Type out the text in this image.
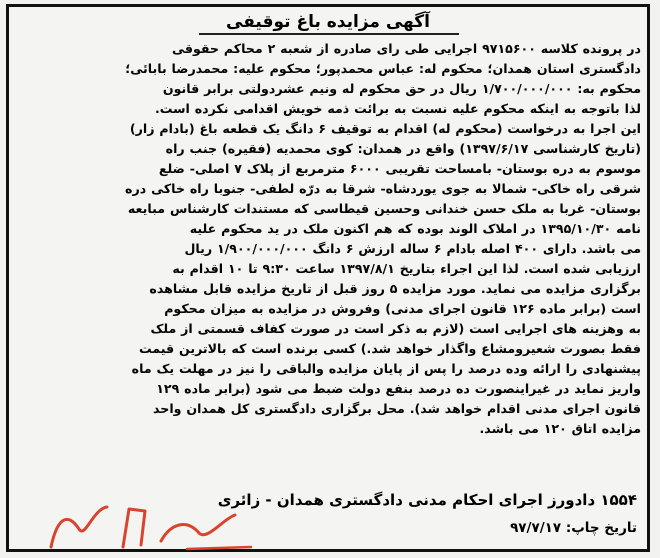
آگهی مزایده باغ توقیفی
در پرونده کلاسه ۹۷۱۵۶۰۰ اجرایی طی رای صادره از شعبه ۲ محاکم حقوقی
دادگستری استان همدان؛ محکوم له: عباس محمدپور؛ محکوم علیه: محمدرضا بابائی؛
محکوم به: ۱/۷۰۰/۰۰۰/۰۰۰ ریال در حق محکوم له ونیم عشردولتی برابر قانون
لذا باتوجه به اینکه محکوم علیه نسبت به برائت ذمه خویش اقدامی نکرده است.
این اجرا به درخواست (محکوم له) اقدام به توقیف ۶ دانگ یک قطعه باغ (بادام زار)
(تاریخ کارشناسی ۱۳۹۷/۶/۱۷) واقع در همدان: کوی محمدیه (فقیره) جنب راه
موسوم به دره بوستان- بامساحت تقریبی ۶۰۰۰ مترمربع از پلاک ۷ اصلی- ضلع
شرقی راه خاکی- شمالا به جوی یوردشاه- شرقا به درّه لطفی- جنوبا راه خاکی دره
بوستان- غربا به ملک حسن خندانی وحسین قیطاسی که مستندات کارشناس مبایعه
نامه ۱۳۹۵/۱۰/۳۰ در املاک الوند بوده که هم اکنون ملک در ید محکوم علیه
می باشد. دارای ۴۰۰ اصله بادام ۶ ساله ارزش ۶ دانگ ۱/۹۰۰/۰۰۰/۰۰۰ ریال
ارزیابی شده است. لذا این اجراء بتاریخ ۱۳۹۷/۸/۱ ساعت ۹:۳۰ تا ۱۰ اقدام به
برگزاری مزایده می نماید. مورد مزایده ۵ روز قبل از تاریخ مزایده قابل مشاهده
است (برابر ماده ۱۲۶ قانون اجرای مدنی) وفروش در مزایده به میزان محکوم
به وهزینه های اجرایی است (لازم به ذکر است در صورت کفاف قسمتی از ملک
فقط بصورت شعیرومشاع واگذار خواهد شد.) کسی برنده است که بالاترین قیمت
پیشنهادی را ارائه وده درصد را پس از پایان مزایده والباقی را نیز در مهلت یک ماه
واریز نماید در غیراینصورت ده درصد بنفع دولت ضبط می شود (برابر ماده ۱۲۹
قانون اجرای مدنی اقدام خواهد شد). محل برگزاری دادگستری کل همدان واحد
مزایده اتاق ۱۲۰ می باشد.
۱۵۵۴ دادورز اجرای احکام مدنی دادگستری همدان - زائری
تاریخ چاپ: ۹۷/۷/۱۷
